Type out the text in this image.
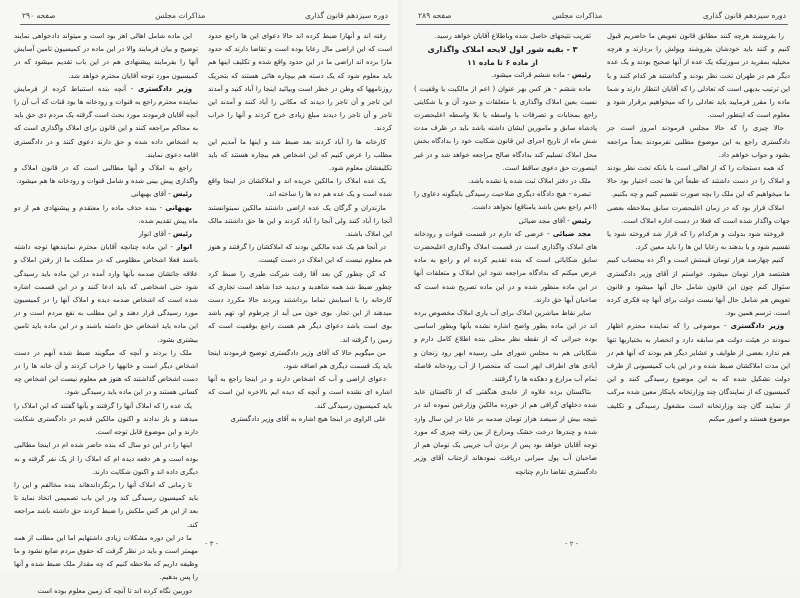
دوره سیزدهم قانون گذاری
مذاکرات مجلس
صفحه ۲۹۰

رفته اند و آنهارا ضبط کرده اند حالا دعوای این ها راجع حدود است که این اراضی مال رعایا بوده است و تقاضا دارند که حدود مارا برده اند اراضی ما در این حدود واقع شده و تکلیف اینها هم باید معلوم شود که یک دسته هم بیچاره هائی هستند که بتحریک روزنامهها که وطن در خطر است وبیائید اینجا را آباد کنید و آمدند این تاجر و آن تاجر را دیدند که مکانی را آباد کنند و آمدند این تاجر و آن تاجر را دیدند مبلغ زیادی خرج کردند و آنها را خراب کردند.

کارخانه ها را آباد کردند بعد ضبط شد و اینها ما آمدیم این مطلب را عرض کنیم که این اشخاص هم بیچاره هستند که باید تکلیفشان معلوم شود.

یک عده املاک را مالکین خریده اند و املاکشان در اینجا واقع شده است و یک عده هم ده ها را ساخته اند.

مازندران و گرگان یک عده اراضی داشتند مالکین نمیتوانستند آنجا را آباد کنند ولی آنجا را آباد کردند و این ها حق داشتند مالک این املاک باشند.

در آنجا هم یک عده مالکین بودند که املاکشان را گرفتند و هنوز هم معلوم نیست که این املاک در دست کیست.

که کن چطور کن بعد آقا رفت شرکت طبری را ضبط کرد چطور ضبط شد همه شاهدید و دیدید خدا شاهد است تجاری که کارخانه را با اسبابش تماما برداشتند وبردند حالا مکررد دست میدهند از این تجار. بوی خون می آید از چرطوم او، تهم باشد بوی است باشد دعوای دیگر هم هست راجع بوقفیت است که زمین را گرفته اند.

من میگویم حالا که آقای وزیر دادگستری توضیح فرمودند اینجا باید یک قسمت دیگری هم اضافه شود.

دعوای اراضی و آب که اشخاص دارند و در اینجا راجع به آنها اشاره ای نشده است و آنچه که دیده ایم بالاخره این است که باید کمیسیون رسیدگی کند.

علی الراوی در اینجا هیچ اشاره به آقای وزیر دادگستری

این ماده شامل اهالی اهر بود است و میتواند دادخواهی نمایند توضیح و بیان فرمایند والا در این ماده در کمیسیون تامین آسایش آنها را بفرمایند پیشنهادی هم در این باب تقدیم میشود که در کمیسیون مورد توجه آقایان محترم خواهد شد.

وزیر دادگستری - آنچه بنده استنباط کرده از فرمایش نماینده محترم راجع به قنوات و رودخانه ها بود قنات که آب آن را آنچه آقایان فرمودند مورد بحث است گرفته یک مردم ذی حق باید به محاکم مراجعه کنند و این قانون برای املاک واگذاری است که به اشخاص داده شده و حق دارند دعوی کنند و در دادگستری اقامه دعوی نمایند.

راجع به املاک و آبها مطالبی است که در قانون املاک و واگذاری پیش بینی شده و شامل قنوات و رودخانه ها هم میشود.

رئیس - آقای بهبهانی

بهبهانی - بنده حذف ماده را معتقدم و پیشنهادی هم از دو ماه پیش تقدیم شده.

رئیس - آقای انوار

انوار - این ماده چنانچه آقایان محترم نمایندهها توجه داشته باشند فعلا اشخاص مظلومی که در مملکت ما از رفتن املاک و علاقه جاتشان صدمه بآنها وارد آمده در این ماده باید رسیدگی شود حتی اشخاصی که باید ادعا کنند و در این قسمت اشاره شده است که اشخاص صدمه دیده و املاک آنها را در کمیسیون مورد رسیدگی قرار دهند و این مطلب به نفع مردم است و در این ماده باید اشخاص حق داشته باشند و در این ماده باید تامین بیشتری بشود.

ملک را بردند و آنچه که میگویند ضبط شده آنهم در دست اشخاص دیگر است و خانهها را خراب کردند و آن خانه ها را در دست اشخاص گذاشتند که هنوز هم معلوم نیست این اشخاص چه کسانی هستند و در این ماده باید رسیدگی شود.

یک عده را که املاک آنها را گرفتند و بآنها گفتند که این املاک را میدهند و باز ندادند و اکنون مالکین قدیم در دادگستری شکایت دارند و این موضوع قابل توجه است.

اینها را در این دو سال که بنده حاضر شده ام در اینجا مطالبی بوده است و هر دفعه دیده ام که املاک را از یک نفر گرفته و به دیگری داده اند و اکنون شکایت دارند.

تا زمانی که املاک آنها را برنگرداندهاند بنده مخالفم و این را باید کمیسیون رسیدگی کند ودر این باب تصمیمی اتخاذ نماید تا بعد از این هر کس ملکش را ضبط کردند حق داشته باشد مراجعه کند.

ما در این دوره مشکلات زیادی داشتهایم اما این مطلب از همه مهمتر است و باید در نظر گرفت که حقوق مردم ضایع نشود و ما وظیفه داریم که ملاحظه کنیم که چه مقدار ملک ضبط شده و آنها را پس بدهیم.

دوربین نگاه کرده اند تا آنچه که زمین معلوم بوده است

- ۳ -
دوره سیزدهم قانون گذاری
مذاکرات مجلس
صفحه ۲۸۹

را بفروشند هرچه کنند مطابق قانون تعویض ما حاضریم قبول کنیم و کنند باید خودشان بفروشند وپولش را بردارند و هرچه مخیلیه بمقرید در سورتیکه یک عده از آنها صحیح بودند و یک عده دیگر هم در طهران تحت نظر بودند و گذاشتند هر کدام کنند و با این ترتیب بدیهی است که تعادلی را که آقایان انتظار دارند و شما ماده را مقرر فرمایید باید تعادلی را که میخواهیم برقرار شود و معلوم است که اینطور است.

حالا چیزی را که حالا مجلس فرمودند امروز است جز دادگستری راجع به این موضوع مطلبی نفرمودند بعداً مراجعه بشود و جواب خواهم داد.

که همه دستجات را که از اهالی است با بانکه تحت نظر بودند و املاک را در دست داشتند که طبعاً این ها تحت اختیار بود حالا ما میخواهیم که این ملک را بچه صورت تقسیم کنیم و چه بکنیم.

املاک قرار بود که در زمان اعلیحضرت سابق بملاحظه بعضی جهات واگذار شده است که فعلا در دست اداره املاک است.

فروخته شود بدولت و هرکدام را که قرار شد فروخته شود یا تقسیم شود و یا بدهند به رعایا این ها را باید معین کرد.

کنیم چهارصد هزار تومان قیمتش است و اگر ده بیحساب کنیم هشتصد هزار تومان میشود. خواستم از آقای وزیر دادگستری سئوال کنم چون این قانون شامل حال آنها میشود و قانون تعویض هم شامل حال آنها نیست دولت برای آنها چه فکری کرده است. ترسم همین بود.

وزیر دادگستری - موضوعی را که نماینده محترم اظهار نمودند در هیئت دولت هم سابقه دارد و انحصار به بختیاریها تنها هم ندارد بعضی از طوایف و عشایر دیگر هم بودند که آنها هم در این مدت املاکشان ضبط شده و در این باب کمیسیونی از طرف دولت تشکیل شده که به این موضوع رسیدگی کنند و این کمیسیون که از نمایندگان چند وزارتخانه باینکار معین شده مرکب از نمایند گان چند وزارتخانه است مشغول رسیدگی و تکلیف موضوع هستند و اصور میکنم

تقریب نتیجهای حاصل شده وباطلاع آقایان خواهد رسید.

۳ - بقیه شور اول لایحه املاک واگذاری

از ماده ۶ تا ماده ۱۱

رئیس - ماده ششم قرائت میشود.

ماده ششم - هر کس بهر عنوان ( اعم از مالکیت یا وقفیت ) نسبت بعین املاک واگذاری با متعلقات و حدود آن و یا شکایتی راجع بمحابات و تصرفات با واسطه یا بلا واسطه اعلیحضرت پادشاه سابق و مامورین ایشان داشته باشد باید در ظرف مدت شش ماه از تاریخ اجرای این قانون شکایت خود را بدادگاه بخش محل املاک تسلیم کند بدادگاه صالح مراجعه خواهد شد و در غیر اینصورت حق دعوی ساقط است.

ملک در دفتر املاک ثبت شده یا نشده باشد.

تبصره - هیچ دادگاه دیگری صلاحیت رسیدگی باینگونه دعاوی را (اعم راجع بعین باشد یامنافع) نخواهد داشت.

رئیس - آقای مجد ضیائی

مجد ضیائی - عرضی که دارم در قسمت قنوات و رودخانه های املاک واگذاری است در قسمت املاک واگذاری اعلیحضرت سابق شکایاتی است که بنده تقدیم کرده ام و راجع به ماده عرض میکنم که بدادگاه مراجعه شود این املاک و متعلقات آنها در این ماده منظور شده و در این ماده تصریح شده است که صاحبان آبها حق دارند.

سایر نقاط مباشرین املاک برای آب یاری املاک مخصوص برده اند در این ماده بطور واضح اشاره نشده بآنها وبطور اساسی بوده جبرانی که از نقطه نظر محلی بنده اطلاع کامل دارم و شکایاتی هم به مجلس شورای ملی رسیده ابهر رود زنجان و آبادی های اطراف ابهر است که منحصرا از آب رودخانه فاصله تمام آب مزارع و دهکده ها را گرفتند.

بتاکستان برده علاوه از عایدی هنگفتی که از تاکستان عاید شده دخلهای گزافی هم از خورده مالکین وزارعین نموده اند در نتیجه بیش از سیصد هزار تومان صدمه بر عایا در این سال وارد شده و چندرها درخت خشک ومزارع از بین رفته چیزی که مورد توجه آقایان خواهد بود پس از بردن آب جریبی یک تومان هم از صاحبان آب پول میرابی دریافت نمودهاند ازجناب آقای وزیر دادگستری تقاضا دارم چنانچه

- ۲ -
